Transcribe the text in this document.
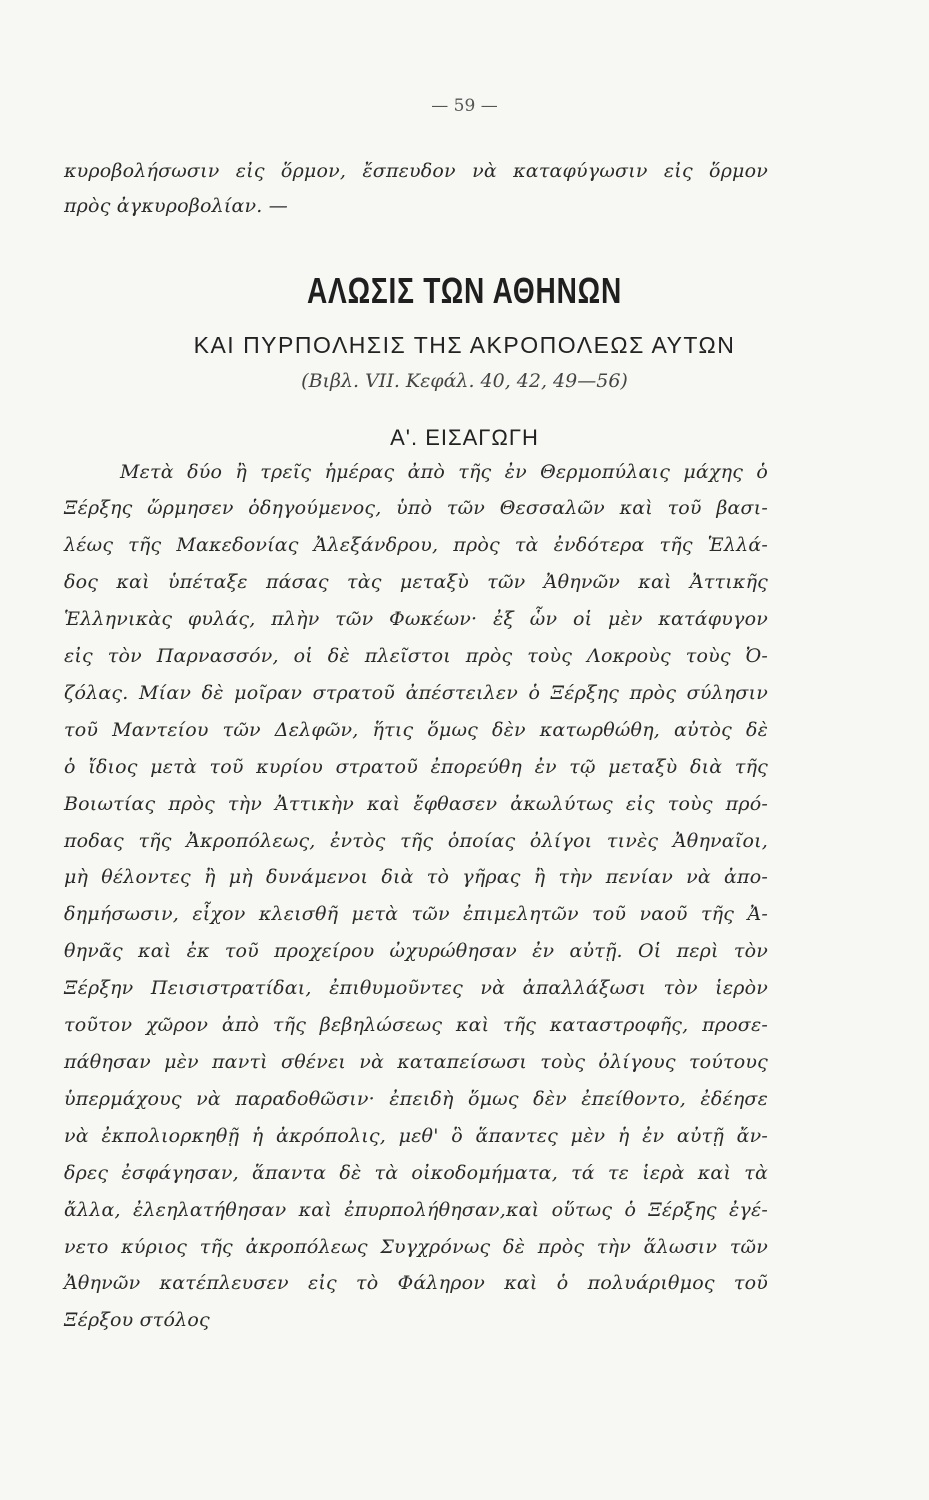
— 59 —
κυροβολήσωσιν εἰς ὅρμον, ἔσπευδον νὰ καταφύγωσιν εἰς ὅρμον
πρὸς ἀγκυροβολίαν. —
ΑΛΩΣΙΣ ΤΩΝ ΑΘΗΝΩΝ
ΚΑΙ ΠΥΡΠΟΛΗΣΙΣ ΤΗΣ ΑΚΡΟΠΟΛΕΩΣ ΑΥΤΩΝ
(Βιβλ. VII. Κεφάλ. 40, 42, 49—56)
Α'. ΕΙΣΑΓΩΓΗ
Μετὰ δύο ἢ τρεῖς ἡμέρας ἀπὸ τῆς ἐν Θερμοπύλαις μάχης ὁ
Ξέρξης ὥρμησεν ὁδηγούμενος, ὑπὸ τῶν Θεσσαλῶν καὶ τοῦ βασι-
λέως τῆς Μακεδονίας Ἀλεξάνδρου, πρὸς τὰ ἐνδότερα τῆς Ἑλλά-
δος καὶ ὑπέταξε πάσας τὰς μεταξὺ τῶν Ἀθηνῶν καὶ Ἀττικῆς
Ἑλληνικὰς φυλάς, πλὴν τῶν Φωκέων· ἐξ ὧν οἱ μὲν κατάφυγον
εἰς τὸν Παρνασσόν, οἱ δὲ πλεῖστοι πρὸς τοὺς Λοκροὺς τοὺς Ὀ-
ζόλας. Μίαν δὲ μοῖραν στρατοῦ ἀπέστειλεν ὁ Ξέρξης πρὸς σύλησιν
τοῦ Μαντείου τῶν Δελφῶν, ἥτις ὅμως δὲν κατωρθώθη, αὐτὸς δὲ
ὁ ἴδιος μετὰ τοῦ κυρίου στρατοῦ ἐπορεύθη ἐν τῷ μεταξὺ διὰ τῆς
Βοιωτίας πρὸς τὴν Ἀττικὴν καὶ ἔφθασεν ἀκωλύτως εἰς τοὺς πρό-
ποδας τῆς Ἀκροπόλεως, ἐντὸς τῆς ὁποίας ὀλίγοι τινὲς Ἀθηναῖοι,
μὴ θέλοντες ἢ μὴ δυνάμενοι διὰ τὸ γῆρας ἢ τὴν πενίαν νὰ ἀπο-
δημήσωσιν, εἶχον κλεισθῆ μετὰ τῶν ἐπιμελητῶν τοῦ ναοῦ τῆς Ἀ-
θηνᾶς καὶ ἐκ τοῦ προχείρου ὠχυρώθησαν ἐν αὐτῇ. Οἱ περὶ τὸν
Ξέρξην Πεισιστρατίδαι, ἐπιθυμοῦντες νὰ ἀπαλλάξωσι τὸν ἱερὸν
τοῦτον χῶρον ἀπὸ τῆς βεβηλώσεως καὶ τῆς καταστροφῆς, προσε-
πάθησαν μὲν παντὶ σθένει νὰ καταπείσωσι τοὺς ὀλίγους τούτους
ὑπερμάχους νὰ παραδοθῶσιν· ἐπειδὴ ὅμως δὲν ἐπείθοντο, ἐδέησε
νὰ ἐκπολιορκηθῇ ἡ ἀκρόπολις, μεθ' ὃ ἅπαντες μὲν ἡ ἐν αὐτῇ ἄν-
δρες ἐσφάγησαν, ἅπαντα δὲ τὰ οἰκοδομήματα, τά τε ἱερὰ καὶ τὰ
ἄλλα, ἐλεηλατήθησαν καὶ ἐπυρπολήθησαν,καὶ οὕτως ὁ Ξέρξης ἐγέ-
νετο κύριος τῆς ἀκροπόλεως Συγχρόνως δὲ πρὸς τὴν ἅλωσιν τῶν
Ἀθηνῶν κατέπλευσεν εἰς τὸ Φάληρον καὶ ὁ πολυάριθμος τοῦ
Ξέρξου στόλος
